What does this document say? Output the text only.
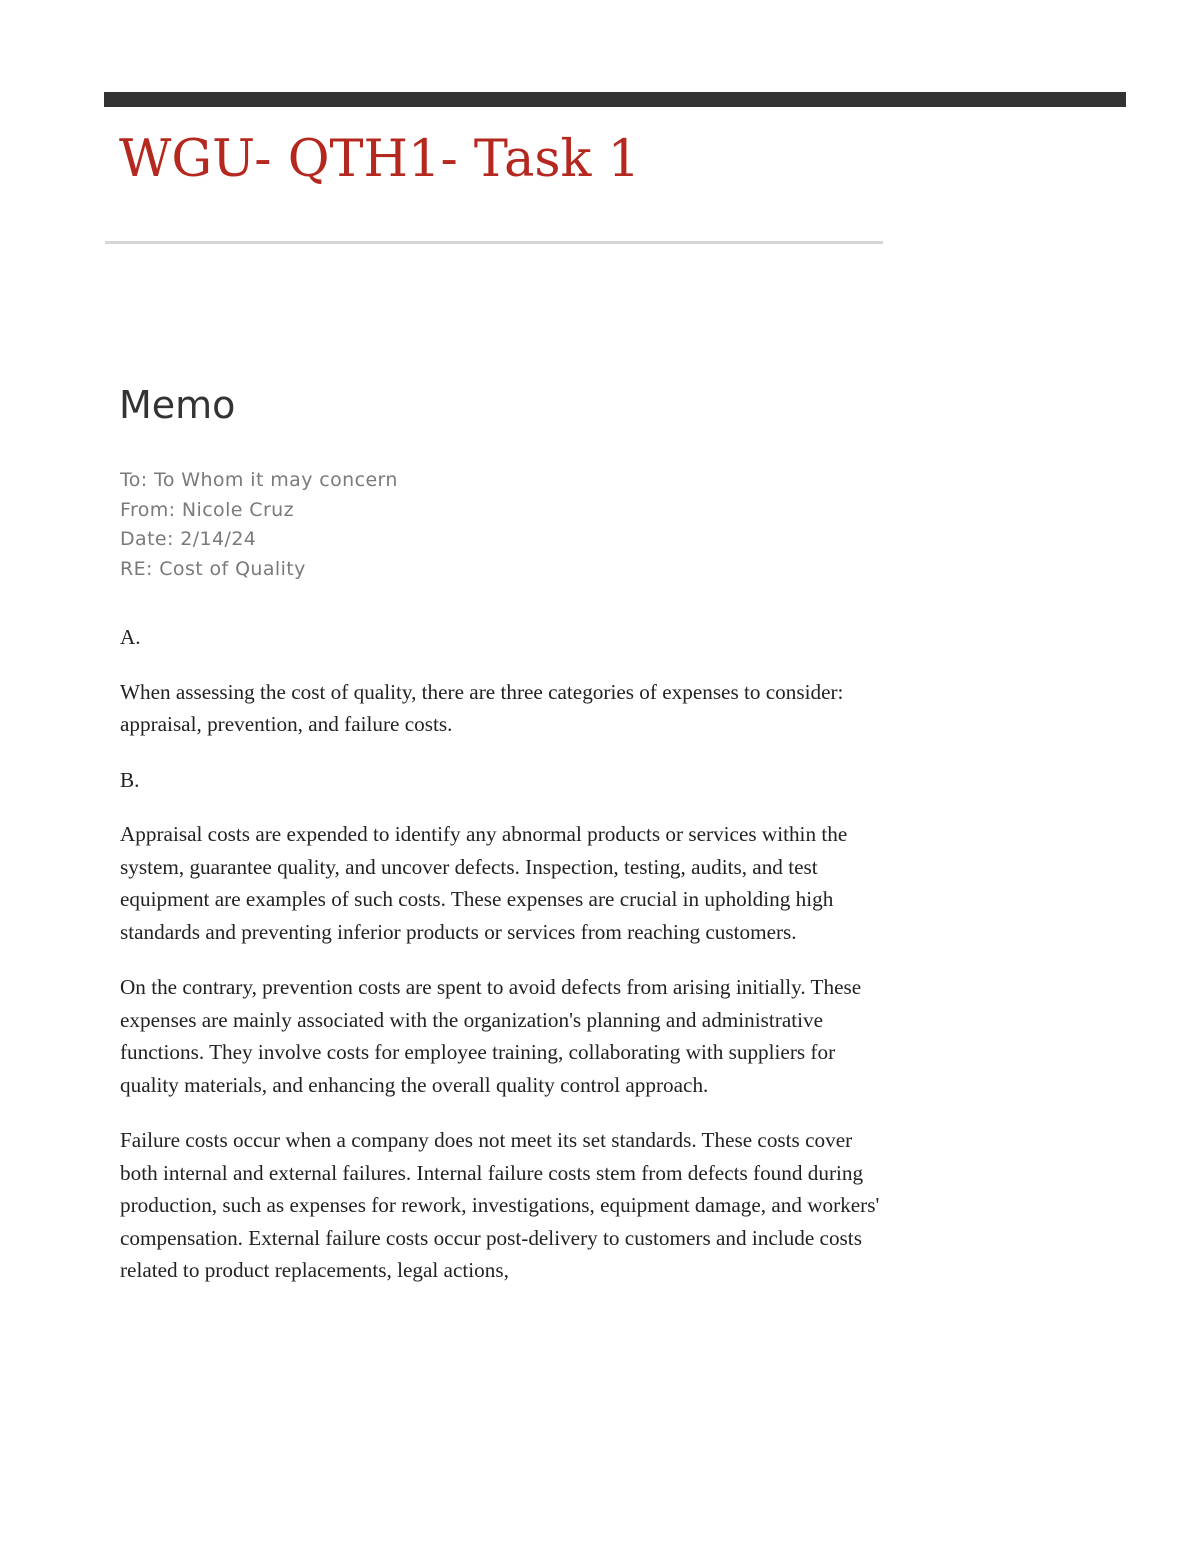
WGU- QTH1- Task 1
Memo
To: To Whom it may concern
From: Nicole Cruz
Date: 2/14/24
RE: Cost of Quality

A.

When assessing the cost of quality, there are three categories of expenses to consider: appraisal, prevention, and failure costs.

B.

Appraisal costs are expended to identify any abnormal products or services within the system, guarantee quality, and uncover defects. Inspection, testing, audits, and test equipment are examples of such costs. These expenses are crucial in upholding high standards and preventing inferior products or services from reaching customers.

On the contrary, prevention costs are spent to avoid defects from arising initially. These expenses are mainly associated with the organization's planning and administrative functions. They involve costs for employee training, collaborating with suppliers for quality materials, and enhancing the overall quality control approach.

Failure costs occur when a company does not meet its set standards. These costs cover both internal and external failures. Internal failure costs stem from defects found during production, such as expenses for rework, investigations, equipment damage, and workers' compensation. External failure costs occur post-delivery to customers and include costs related to product replacements, legal actions,
